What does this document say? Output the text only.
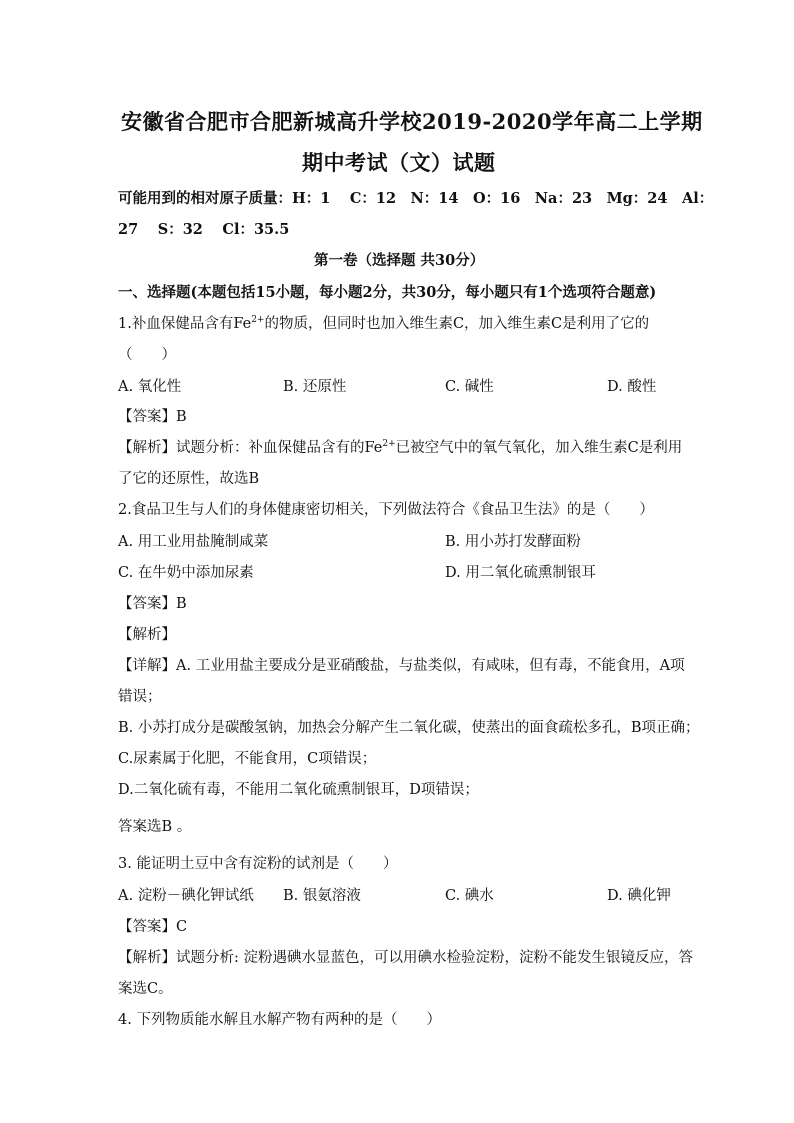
安徽省合肥市合肥新城高升学校2019-2020学年高二上学期
期中考试（文）试题
可能用到的相对原子质量：H：1　 C：12　N：14　O：16　Na：23　Mg：24　Al：
27　 S：32　 Cl：35.5
第一卷（选择题 共30分）
一、选择题(本题包括15小题，每小题2分，共30分，每小题只有1个选项符合题意)
1.补血保健品含有$Fe^{2+}$的物质，但同时也加入维生素C，加入维生素C是利用了它的
（　　）
A. 氧化性	B. 还原性	C. 碱性	D. 酸性
【答案】B
【解析】试题分析：补血保健品含有的$Fe^{2+}$已被空气中的氧气氧化，加入维生素C是利用
了它的还原性，故选B
2.食品卫生与人们的身体健康密切相关，下列做法符合《食品卫生法》的是（　　）
A. 用工业用盐腌制咸菜	B. 用小苏打发酵面粉
C. 在牛奶中添加尿素	D. 用二氧化硫熏制银耳
【答案】B
【解析】
【详解】A. 工业用盐主要成分是亚硝酸盐，与盐类似，有咸味，但有毒，不能食用，A项
错误；
B. 小苏打成分是碳酸氢钠，加热会分解产生二氧化碳，使蒸出的面食疏松多孔，B项正确；
C.尿素属于化肥，不能食用，C项错误；
D.二氧化硫有毒，不能用二氧化硫熏制银耳，D项错误；
答案选B 。
3. 能证明土豆中含有淀粉的试剂是（　　）
A. 淀粉－碘化钾试纸 B. 银氨溶液	C. 碘水	D. 碘化钾
【答案】C
【解析】试题分析: 淀粉遇碘水显蓝色，可以用碘水检验淀粉，淀粉不能发生银镜反应，答
案选C。
4. 下列物质能水解且水解产物有两种的是（　　）
